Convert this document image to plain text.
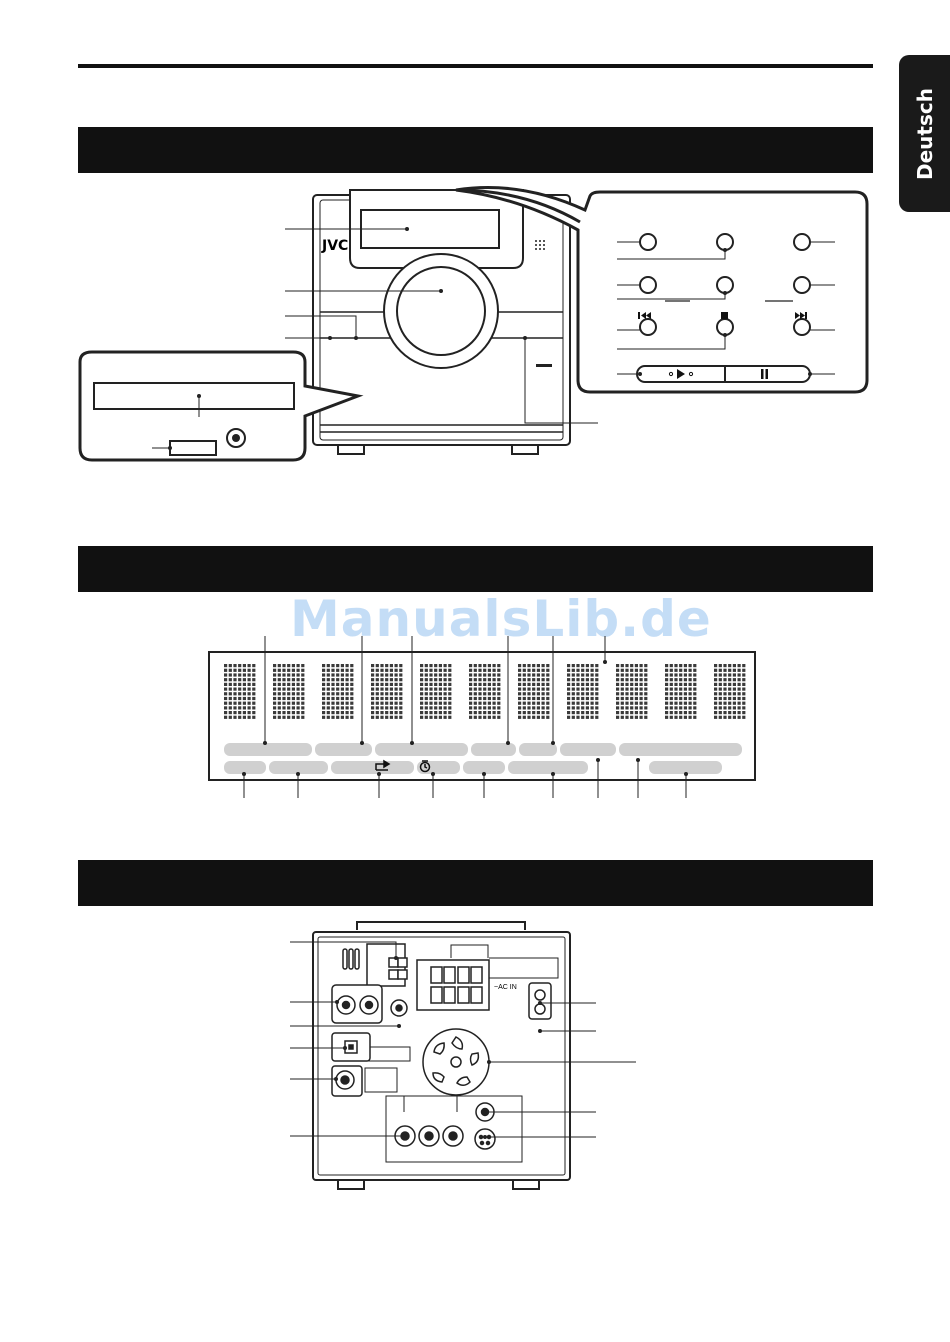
Deutsch
JVC
ManualsLib.de
~AC IN
